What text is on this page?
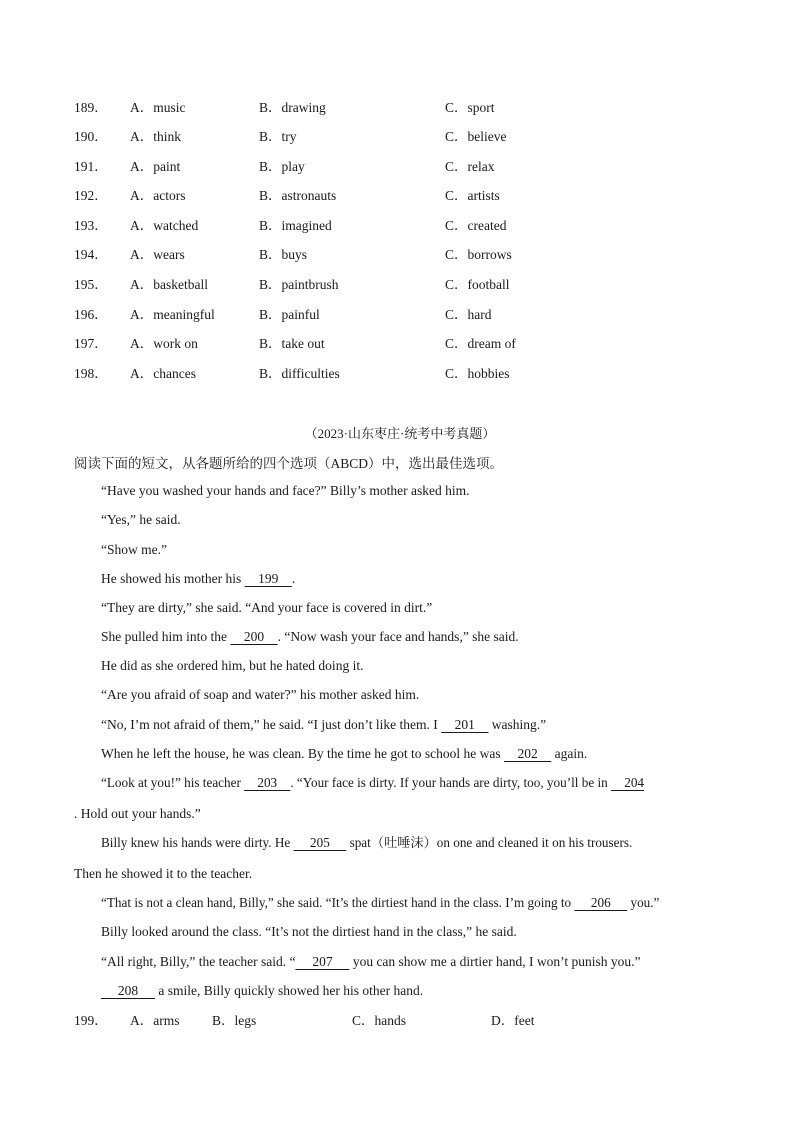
189． A．music	B．drawing	C．sport
190． A．think	B．try	C．believe
191． A．paint	B．play	C．relax
192． A．actors	B．astronauts	C．artists
193． A．watched	B．imagined	C．created
194． A．wears	B．buys	C．borrows
195． A．basketball	B．paintbrush	C．football
196． A．meaningful	B．painful	C．hard
197． A．work on	B．take out	C．dream of
198． A．chances	B．difficulties	C．hobbies
（2023·山东枣庄·统考中考真题）
阅读下面的短文，从各题所给的四个选项（ABCD）中，选出最佳选项。
“Have you washed your hands and face?” Billy’s mother asked him.
“Yes,” he said.
“Show me.”
He showed his mother his     199    .
“They are dirty,” she said. “And your face is covered in dirt.”
She pulled him into the     200    . “Now wash your face and hands,” she said.
He did as she ordered him, but he hated doing it.
“Are you afraid of soap and water?” his mother asked him.
“No, I’m not afraid of them,” he said. “I just don’t like them. I     201     washing.”
When he left the house, he was clean. By the time he got to school he was     202     again.
“Look at you!” his teacher     203    . “Your face is dirty. If your hands are dirty, too, you’ll be in     204
. Hold out your hands.”
Billy knew his hands were dirty. He      205      spat（吐唾沫）on one and cleaned it on his trousers.
Then he showed it to the teacher.
“That is not a clean hand, Billy,” she said. “It’s the dirtiest hand in the class. I’m going to      206      you.”
Billy looked around the class. “It’s not the dirtiest hand in the class,” he said.
“All right, Billy,” the teacher said. “     207      you can show me a dirtier hand, I won’t punish you.”
208      a smile, Billy quickly showed her his other hand.
199． A．arms B．legs	C．hands	D．feet
